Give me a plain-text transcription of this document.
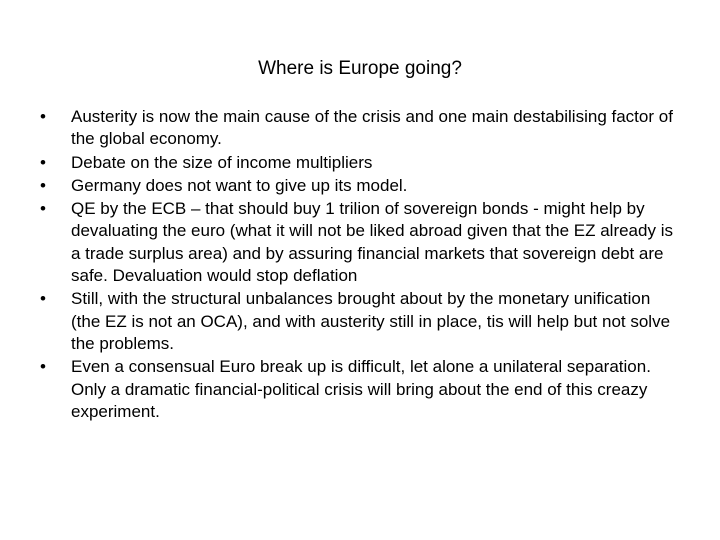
Where is Europe going?
• Austerity is now the main cause of the crisis and one main destabilising factor of the global economy.
• Debate on the size of income multipliers
• Germany does not want to give up its model.
• QE by the ECB – that should buy 1 trilion of sovereign bonds - might help by devaluating the euro (what it will not be liked abroad given that the EZ already is a trade surplus area) and by assuring financial markets that sovereign debt are safe. Devaluation would stop deflation
• Still, with the structural unbalances brought about by the monetary unification (the EZ is not an OCA), and with austerity still in place, tis will help but not solve the problems.
• Even a consensual Euro break up is difficult, let alone a unilateral separation. Only a dramatic financial-political crisis will bring about the end of this creazy experiment.
